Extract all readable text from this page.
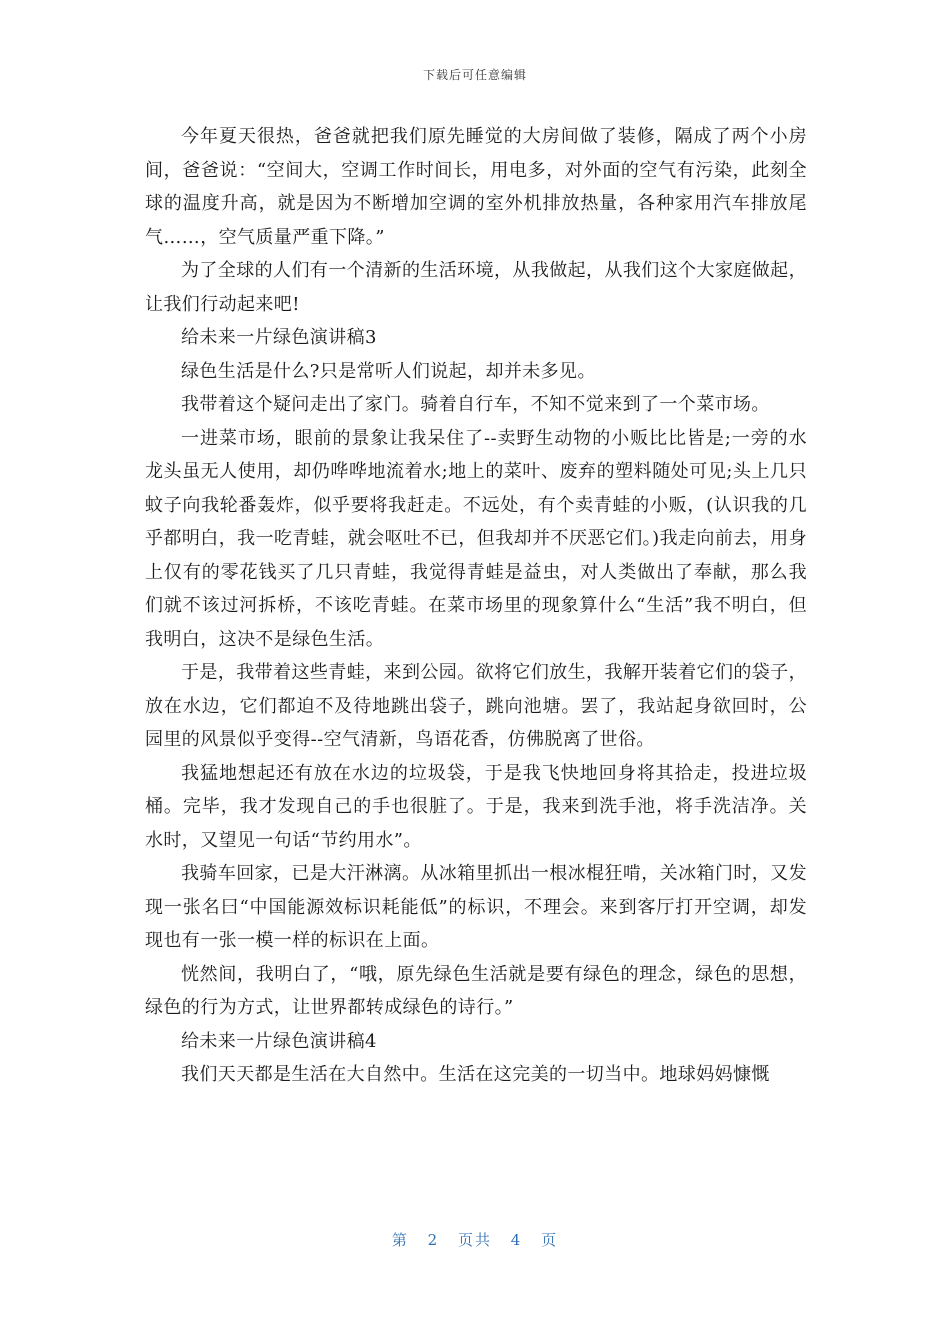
下载后可任意编辑

今年夏天很热，爸爸就把我们原先睡觉的大房间做了装修，隔成了两个小房间，爸爸说：“空间大，空调工作时间长，用电多，对外面的空气有污染，此刻全球的温度升高，就是因为不断增加空调的室外机排放热量，各种家用汽车排放尾气……，空气质量严重下降。”

为了全球的人们有一个清新的生活环境，从我做起，从我们这个大家庭做起，让我们行动起来吧!

给未来一片绿色演讲稿3

绿色生活是什么?只是常听人们说起，却并未多见。

我带着这个疑问走出了家门。骑着自行车，不知不觉来到了一个菜市场。

一进菜市场，眼前的景象让我呆住了--卖野生动物的小贩比比皆是;一旁的水龙头虽无人使用，却仍哗哗地流着水;地上的菜叶、废弃的塑料随处可见;头上几只蚊子向我轮番轰炸，似乎要将我赶走。不远处，有个卖青蛙的小贩，(认识我的几乎都明白，我一吃青蛙，就会呕吐不已，但我却并不厌恶它们。)我走向前去，用身上仅有的零花钱买了几只青蛙，我觉得青蛙是益虫，对人类做出了奉献，那么我们就不该过河拆桥，不该吃青蛙。在菜市场里的现象算什么“生活”我不明白，但我明白，这决不是绿色生活。

于是，我带着这些青蛙，来到公园。欲将它们放生，我解开装着它们的袋子，放在水边，它们都迫不及待地跳出袋子，跳向池塘。罢了，我站起身欲回时，公园里的风景似乎变得--空气清新，鸟语花香，仿佛脱离了世俗。

我猛地想起还有放在水边的垃圾袋，于是我飞快地回身将其拾走，投进垃圾桶。完毕，我才发现自己的手也很脏了。于是，我来到洗手池，将手洗洁净。关水时，又望见一句话“节约用水”。

我骑车回家，已是大汗淋漓。从冰箱里抓出一根冰棍狂啃，关冰箱门时，又发现一张名曰“中国能源效标识耗能低”的标识，不理会。来到客厅打开空调，却发现也有一张一模一样的标识在上面。

恍然间，我明白了，“哦，原先绿色生活就是要有绿色的理念，绿色的思想，绿色的行为方式，让世界都转成绿色的诗行。”

给未来一片绿色演讲稿4

我们天天都是生活在大自然中。生活在这完美的一切当中。地球妈妈慷慨

第 2 页共 4 页
